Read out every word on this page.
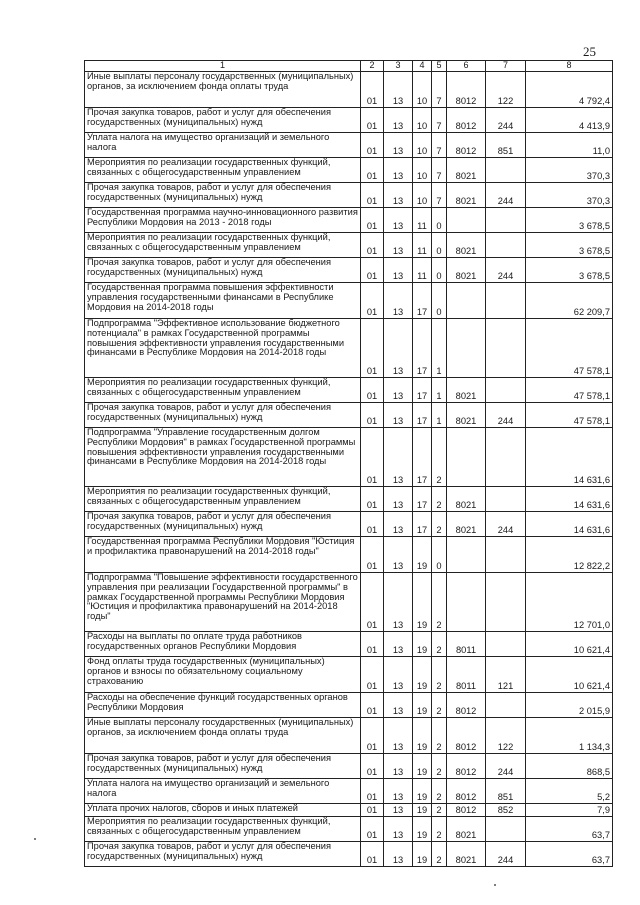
25
1	2	3	4	5	6	7	8
Иные выплаты персоналу государственных (муниципальных) органов, за исключением фонда оплаты труда	01	13	10	7	8012	122	4 792,4
Прочая закупка товаров, работ и услуг для обеспечения государственных (муниципальных) нужд	01	13	10	7	8012	244	4 413,9
Уплата налога на имущество организаций и земельного налога	01	13	10	7	8012	851	11,0
Мероприятия по реализации государственных функций, связанных с общегосударственным управлением	01	13	10	7	8021		370,3
Прочая закупка товаров, работ и услуг для обеспечения государственных (муниципальных) нужд	01	13	10	7	8021	244	370,3
Государственная программа научно-инновационного развития Республики Мордовия на 2013 - 2018 годы	01	13	11	0			3 678,5
Мероприятия по реализации государственных функций, связанных с общегосударственным управлением	01	13	11	0	8021		3 678,5
Прочая закупка товаров, работ и услуг для обеспечения государственных (муниципальных) нужд	01	13	11	0	8021	244	3 678,5
Государственная программа повышения эффективности управления государственными финансами в Республике Мордовия на 2014-2018 годы	01	13	17	0			62 209,7
Подпрограмма "Эффективное использование бюджетного потенциала" в рамках Государственной программы повышения эффективности управления государственными финансами в Республике Мордовия на 2014-2018 годы	01	13	17	1			47 578,1
Мероприятия по реализации государственных функций, связанных с общегосударственным управлением	01	13	17	1	8021		47 578,1
Прочая закупка товаров, работ и услуг для обеспечения государственных (муниципальных) нужд	01	13	17	1	8021	244	47 578,1
Подпрограмма "Управление государственным долгом Республики Мордовия" в рамках Государственной программы повышения эффективности управления государственными финансами в Республике Мордовия на 2014-2018 годы	01	13	17	2			14 631,6
Мероприятия по реализации государственных функций, связанных с общегосударственным управлением	01	13	17	2	8021		14 631,6
Прочая закупка товаров, работ и услуг для обеспечения государственных (муниципальных) нужд	01	13	17	2	8021	244	14 631,6
Государственная программа Республики Мордовия "Юстиция и профилактика правонарушений на 2014-2018 годы"	01	13	19	0			12 822,2
Подпрограмма "Повышение эффективности государственного управления при реализации Государственной программы" в рамках Государственной программы Республики Мордовия "Юстиция и профилактика правонарушений на 2014-2018 годы"	01	13	19	2			12 701,0
Расходы на выплаты по оплате труда работников государственных органов Республики Мордовия	01	13	19	2	8011		10 621,4
Фонд оплаты труда государственных (муниципальных) органов и взносы по обязательному социальному страхованию	01	13	19	2	8011	121	10 621,4
Расходы на обеспечение функций государственных органов Республики Мордовия	01	13	19	2	8012		2 015,9
Иные выплаты персоналу государственных (муниципальных) органов, за исключением фонда оплаты труда	01	13	19	2	8012	122	1 134,3
Прочая закупка товаров, работ и услуг для обеспечения государственных (муниципальных) нужд	01	13	19	2	8012	244	868,5
Уплата налога на имущество организаций и земельного налога	01	13	19	2	8012	851	5,2
Уплата прочих налогов, сборов и иных платежей	01	13	19	2	8012	852	7,9
Мероприятия по реализации государственных функций, связанных с общегосударственным управлением	01	13	19	2	8021		63,7
Прочая закупка товаров, работ и услуг для обеспечения государственных (муниципальных) нужд	01	13	19	2	8021	244	63,7
